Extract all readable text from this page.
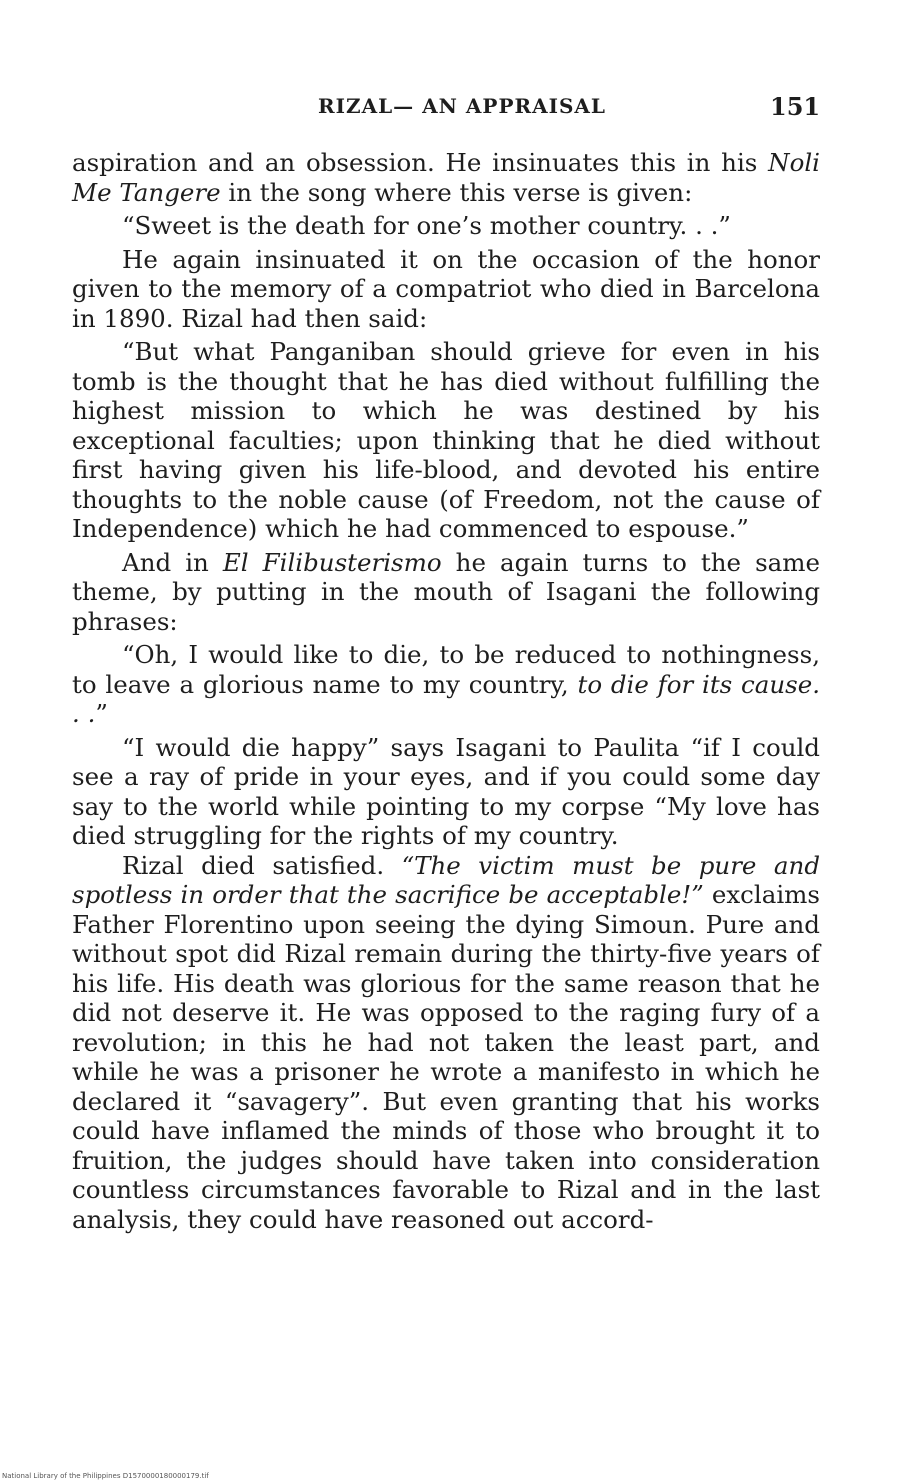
RIZAL— AN APPRAISAL	151

aspiration and an obsession. He insinuates this in his Noli Me Tangere in the song where this verse is given:

“Sweet is the death for one’s mother country. . .”

He again insinuated it on the occasion of the honor given to the memory of a compatriot who died in Barcelona in 1890. Rizal had then said:

“But what Panganiban should grieve for even in his tomb is the thought that he has died without fulfilling the highest mission to which he was destined by his exceptional faculties; upon thinking that he died without first having given his life-blood, and devoted his entire thoughts to the noble cause (of Freedom, not the cause of Independence) which he had commenced to espouse.”

And in El Filibusterismo he again turns to the same theme, by putting in the mouth of Isagani the following phrases:

“Oh, I would like to die, to be reduced to nothingness, to leave a glorious name to my country, to die for its cause. . .”

“I would die happy” says Isagani to Paulita “if I could see a ray of pride in your eyes, and if you could some day say to the world while pointing to my corpse “My love has died struggling for the rights of my country.

Rizal died satisfied. “The victim must be pure and spotless in order that the sacrifice be acceptable!” exclaims Father Florentino upon seeing the dying Simoun. Pure and without spot did Rizal remain during the thirty-five years of his life. His death was glorious for the same reason that he did not deserve it. He was opposed to the raging fury of a revolution; in this he had not taken the least part, and while he was a prisoner he wrote a manifesto in which he declared it “savagery”. But even granting that his works could have inflamed the minds of those who brought it to fruition, the judges should have taken into consideration countless circumstances favorable to Rizal and in the last analysis, they could have reasoned out accord-

National Library of the Philippines D1570000180000179.tif
